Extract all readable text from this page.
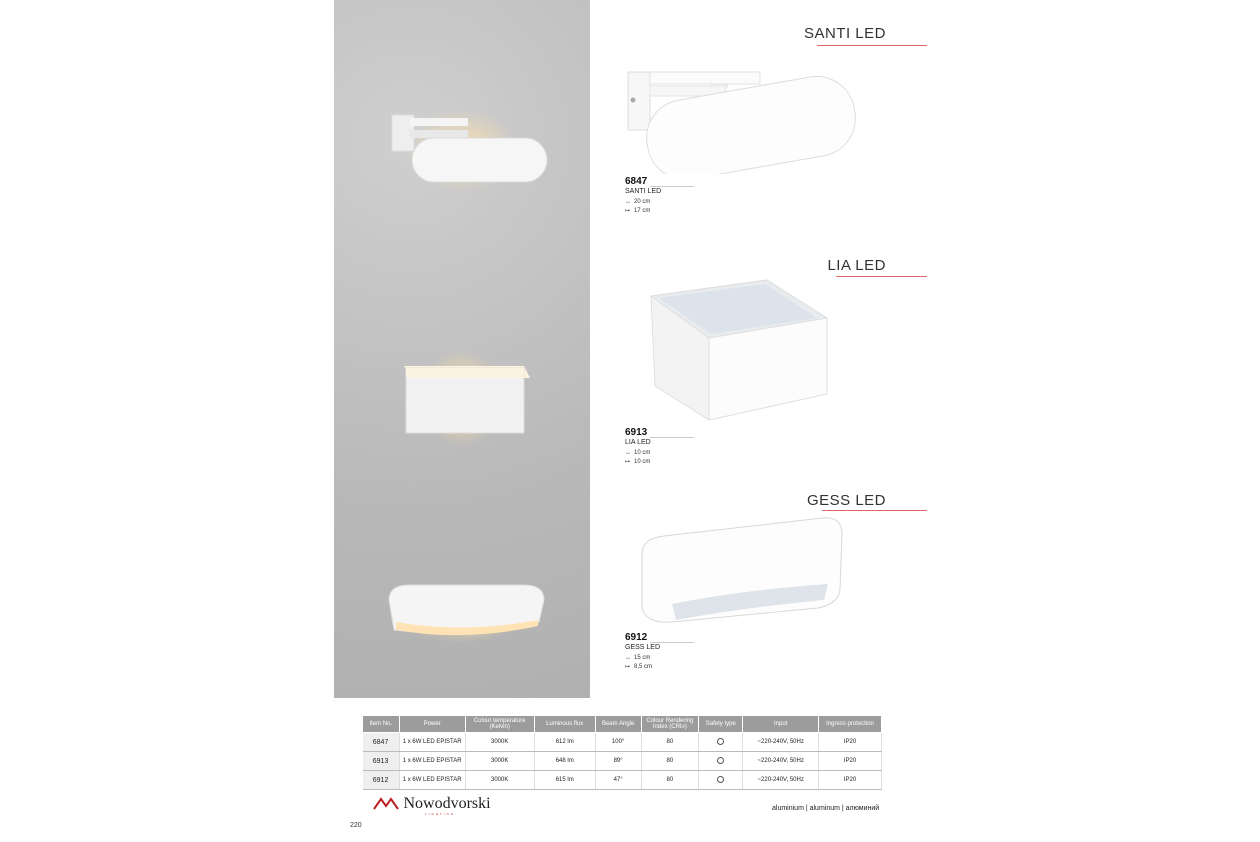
SANTI LED
6847
SANTI LED
↔ 20 cm
↦ 17 cm
LIA LED
6913
LIA LED
↔ 10 cm
↦ 10 cm
GESS LED
6912
GESS LED
↔ 15 cm
↦ 8,5 cm
Item No.	Power	Colour temperature (Kelvin)	Luminous flux	Beam Angle	Colour Rendering Index (CRI≥)	Safety type	Input	Ingress protection
6847	1 x 6W LED EPISTAR	3000K	612 lm	100°	80		~220-240V, 50Hz	IP20
6913	1 x 6W LED EPISTAR	3000K	648 lm	89°	80		~220-240V, 50Hz	IP20
6912	1 x 6W LED EPISTAR	3000K	615 lm	47°	80		~220-240V, 50Hz	IP20
Nowodvorski
LIGHTING
aluminium | aluminum | алюминий
220
